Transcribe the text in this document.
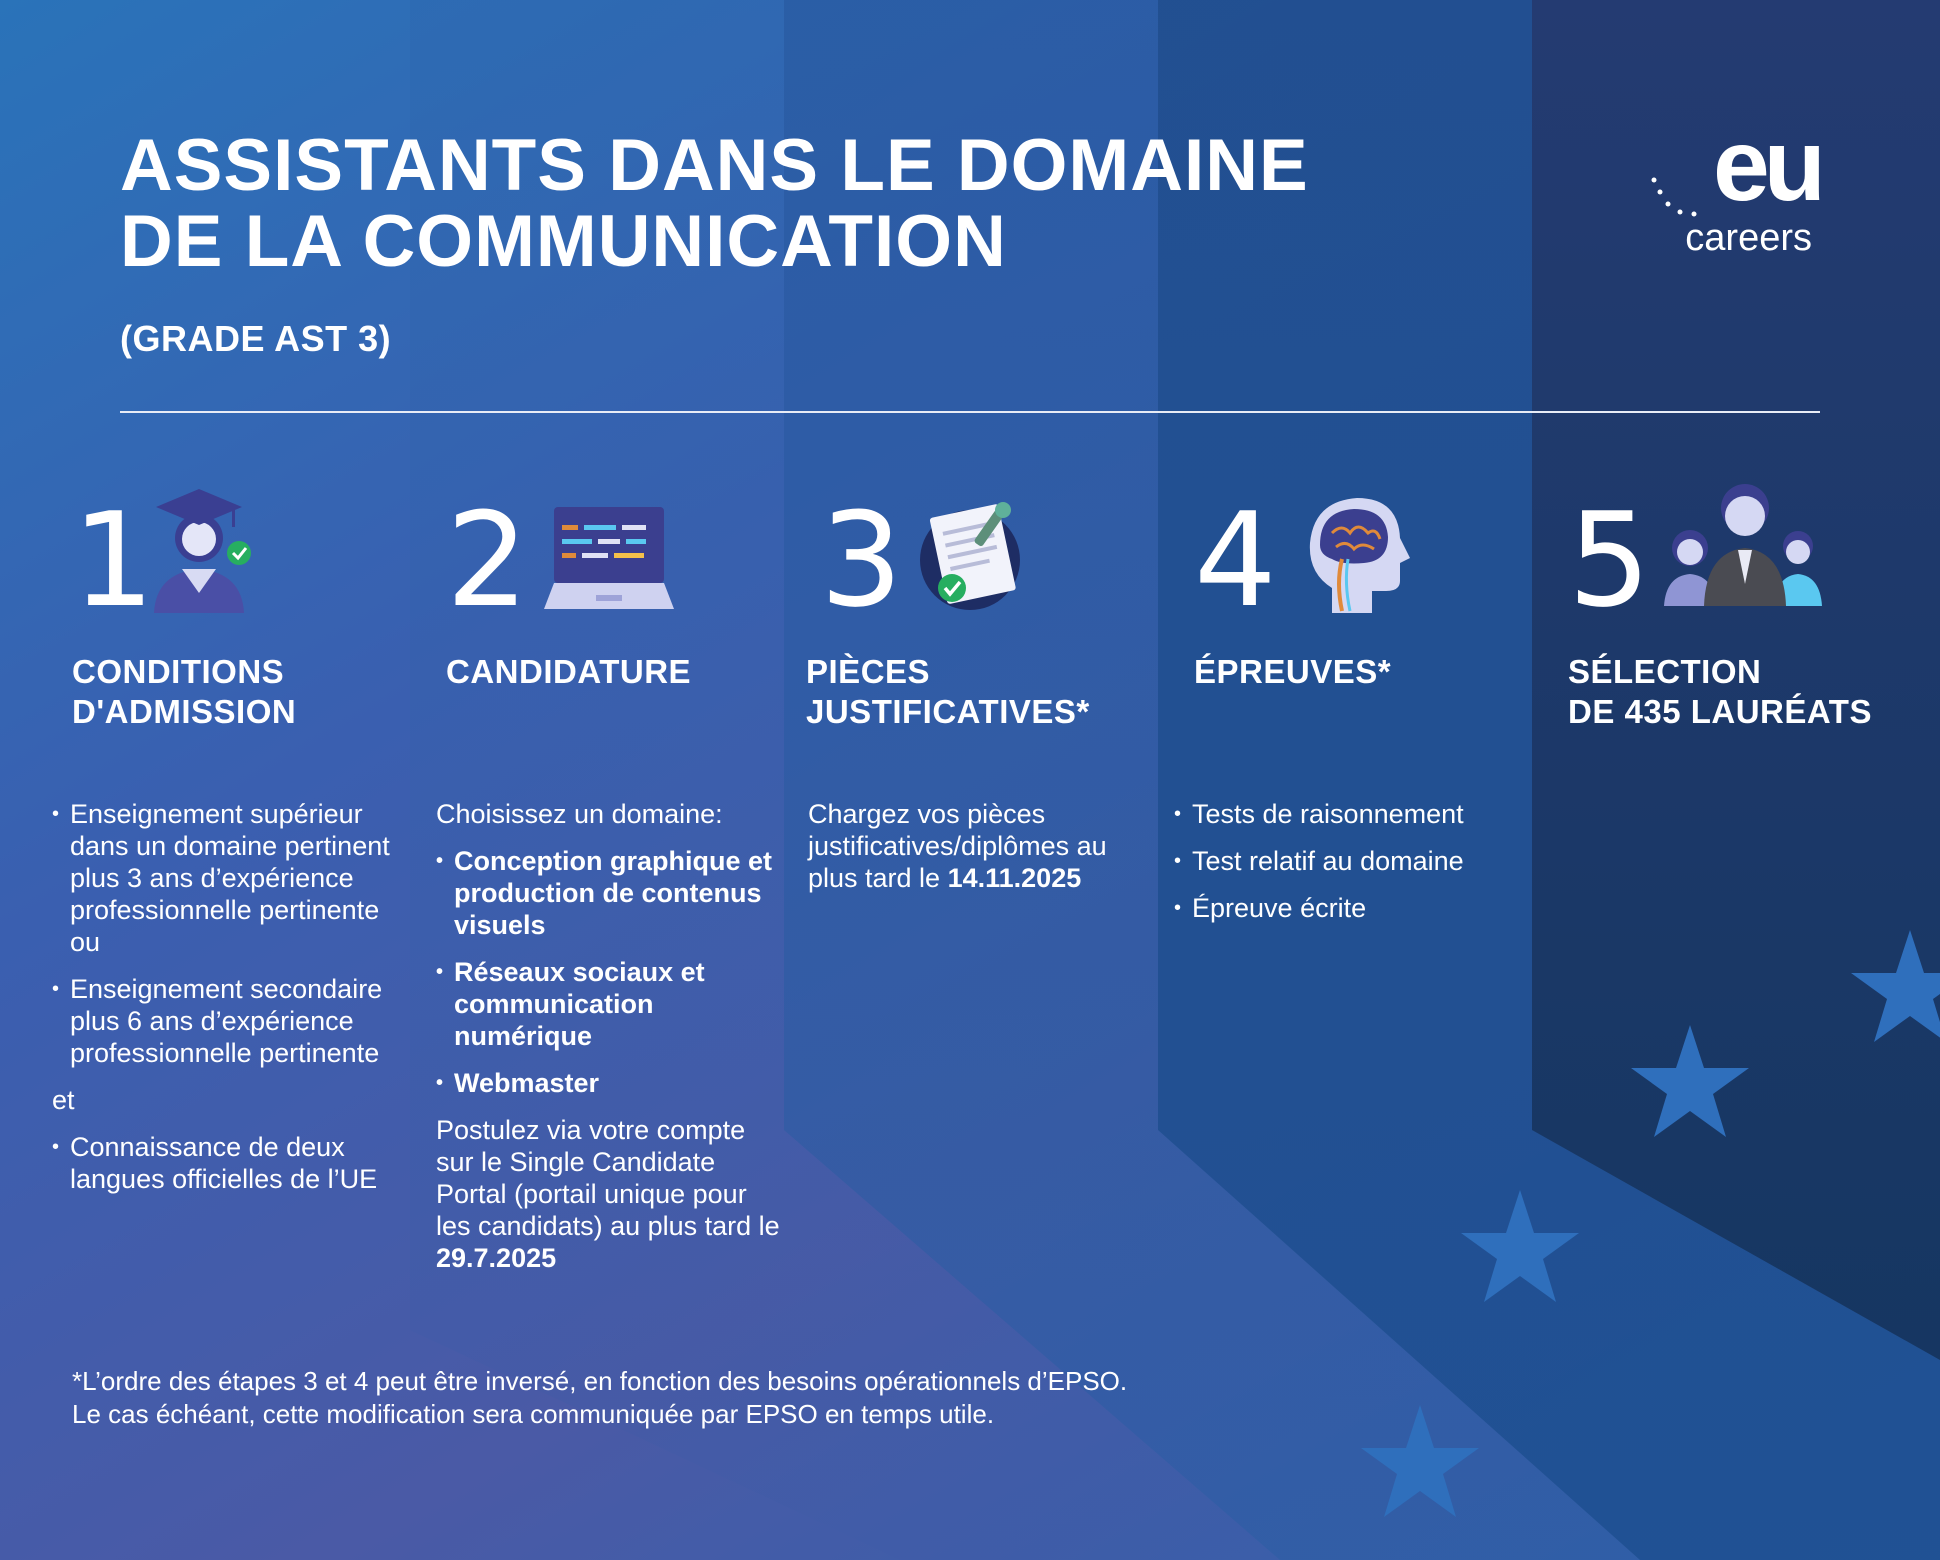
ASSISTANTS DANS LE DOMAINE
DE LA COMMUNICATION

(GRADE AST 3)

eu
careers
1
CONDITIONS
D'ADMISSION
• Enseignement supérieur dans un domaine pertinent plus 3 ans d’expérience professionnelle pertinente ou
• Enseignement secondaire plus 6 ans d’expérience professionnelle pertinente

et

• Connaissance de deux langues officielles de l’UE
2
CANDIDATURE

Choisissez un domaine:

• Conception graphique et production de contenus visuels
• Réseaux sociaux et communication numérique
• Webmaster

Postulez via votre compte sur le Single Candidate Portal (portail unique pour les candidats) au plus tard le 29.7.2025

3
PIÈCES
JUSTIFICATIVES*

Chargez vos pièces justificatives/diplômes au plus tard le 14.11.2025

4
ÉPREUVES*
• Tests de raisonnement
• Test relatif au domaine
• Épreuve écrite
5
SÉLECTION
DE 435 LAURÉATS

*L’ordre des étapes 3 et 4 peut être inversé, en fonction des besoins opérationnels d’EPSO.
Le cas échéant, cette modification sera communiquée par EPSO en temps utile.
